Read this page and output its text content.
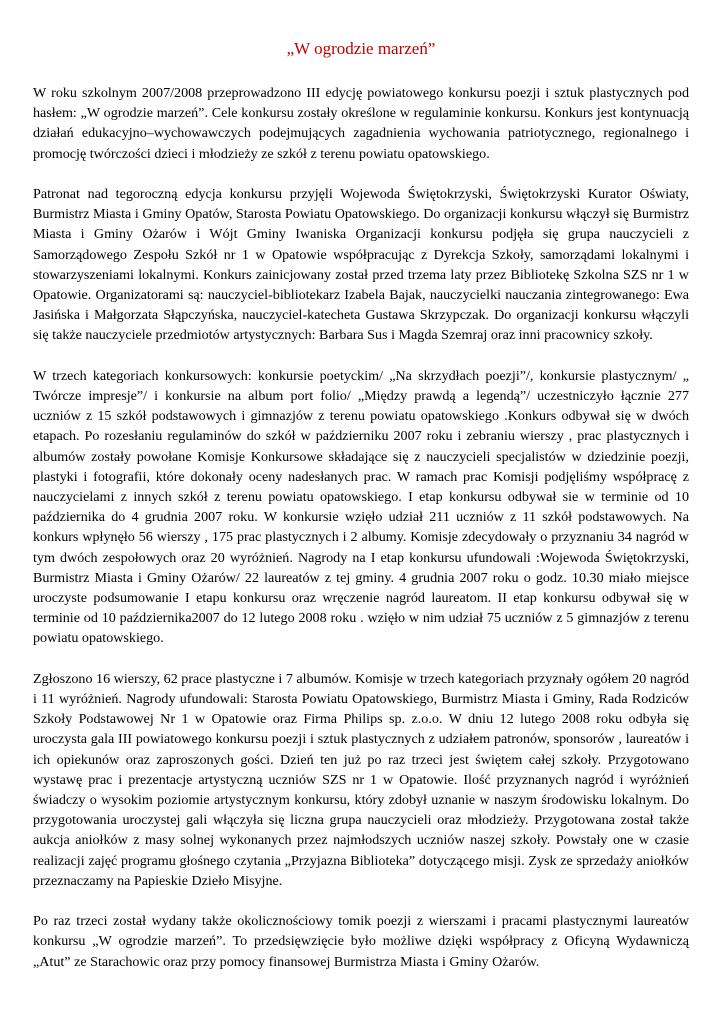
„W ogrodzie marzeń”

W roku szkolnym 2007/2008 przeprowadzono III edycję powiatowego konkursu poezji i sztuk plastycznych pod hasłem: „W ogrodzie marzeń”. Cele konkursu zostały określone w regulaminie konkursu. Konkurs jest kontynuacją działań edukacyjno–wychowawczych podejmujących zagadnienia wychowania patriotycznego, regionalnego i promocję twórczości dzieci i młodzieży ze szkół z terenu powiatu opatowskiego.

Patronat nad tegoroczną edycja konkursu przyjęli Wojewoda Świętokrzyski, Świętokrzyski Kurator Oświaty, Burmistrz Miasta i Gminy Opatów, Starosta Powiatu Opatowskiego. Do organizacji konkursu włączył się Burmistrz Miasta i Gminy Ożarów i Wójt Gminy Iwaniska Organizacji konkursu podjęła się grupa nauczycieli z Samorządowego Zespołu Szkół nr 1 w Opatowie współpracując z Dyrekcja Szkoły, samorządami lokalnymi i stowarzyszeniami lokalnymi. Konkurs zainicjowany został przed trzema laty przez Bibliotekę Szkolna SZS nr 1 w Opatowie. Organizatorami są: nauczyciel-bibliotekarz Izabela Bajak, nauczycielki nauczania zintegrowanego: Ewa Jasińska i Małgorzata Słąpczyńska, nauczyciel-katecheta Gustawa Skrzypczak. Do organizacji konkursu włączyli się także nauczyciele przedmiotów artystycznych: Barbara Sus i Magda Szemraj oraz inni pracownicy szkoły.

W trzech kategoriach konkursowych: konkursie poetyckim/ „Na skrzydłach poezji”/, konkursie plastycznym/ „ Twórcze impresje”/ i konkursie na album port folio/ „Między prawdą a legendą”/ uczestniczyło łącznie 277 uczniów z 15 szkół podstawowych i gimnazjów z terenu powiatu opatowskiego .Konkurs odbywał się w dwóch etapach. Po rozesłaniu regulaminów do szkół w październiku 2007 roku i zebraniu wierszy , prac plastycznych i albumów zostały powołane Komisje Konkursowe składające się z nauczycieli specjalistów w dziedzinie poezji, plastyki i fotografii, które dokonały oceny nadesłanych prac. W ramach prac Komisji podjęliśmy współpracę z nauczycielami z innych szkół z terenu powiatu opatowskiego. I etap konkursu odbywał sie w terminie od 10 października do 4 grudnia 2007 roku. W konkursie wzięło udział 211 uczniów z 11 szkół podstawowych. Na konkurs wpłynęło 56 wierszy , 175 prac plastycznych i 2 albumy. Komisje zdecydowały o przyznaniu 34 nagród w tym dwóch zespołowych oraz 20 wyróżnień. Nagrody na I etap konkursu ufundowali :Wojewoda Świętokrzyski, Burmistrz Miasta i Gminy Ożarów/ 22 laureatów z tej gminy. 4 grudnia 2007 roku o godz. 10.30 miało miejsce uroczyste podsumowanie I etapu konkursu oraz wręczenie nagród laureatom. II etap konkursu odbywał się w terminie od 10 października2007 do 12 lutego 2008 roku . wzięło w nim udział 75 uczniów z 5 gimnazjów z terenu powiatu opatowskiego.

Zgłoszono 16 wierszy, 62 prace plastyczne i 7 albumów. Komisje w trzech kategoriach przyznały ogółem 20 nagród i 11 wyróżnień. Nagrody ufundowali: Starosta Powiatu Opatowskiego, Burmistrz Miasta i Gminy, Rada Rodziców Szkoły Podstawowej Nr 1 w Opatowie oraz Firma Philips sp. z.o.o. W dniu 12 lutego 2008 roku odbyła się uroczysta gala III powiatowego konkursu poezji i sztuk plastycznych z udziałem patronów, sponsorów , laureatów i ich opiekunów oraz zaproszonych gości. Dzień ten już po raz trzeci jest świętem całej szkoły. Przygotowano wystawę prac i prezentacje artystyczną uczniów SZS nr 1 w Opatowie. Ilość przyznanych nagród i wyróżnień świadczy o wysokim poziomie artystycznym konkursu, który zdobył uznanie w naszym środowisku lokalnym. Do przygotowania uroczystej gali włączyła się liczna grupa nauczycieli oraz młodzieży. Przygotowana został także aukcja aniołków z masy solnej wykonanych przez najmłodszych uczniów naszej szkoły. Powstały one w czasie realizacji zajęć programu głośnego czytania „Przyjazna Biblioteka” dotyczącego misji. Zysk ze sprzedaży aniołków przeznaczamy na Papieskie Dzieło Misyjne.

Po raz trzeci został wydany także okolicznościowy tomik poezji z wierszami i pracami plastycznymi laureatów konkursu „W ogrodzie marzeń”. To przedsięwzięcie było możliwe dzięki współpracy z Oficyną Wydawniczą „Atut” ze Starachowic oraz przy pomocy finansowej Burmistrza Miasta i Gminy Ożarów.
